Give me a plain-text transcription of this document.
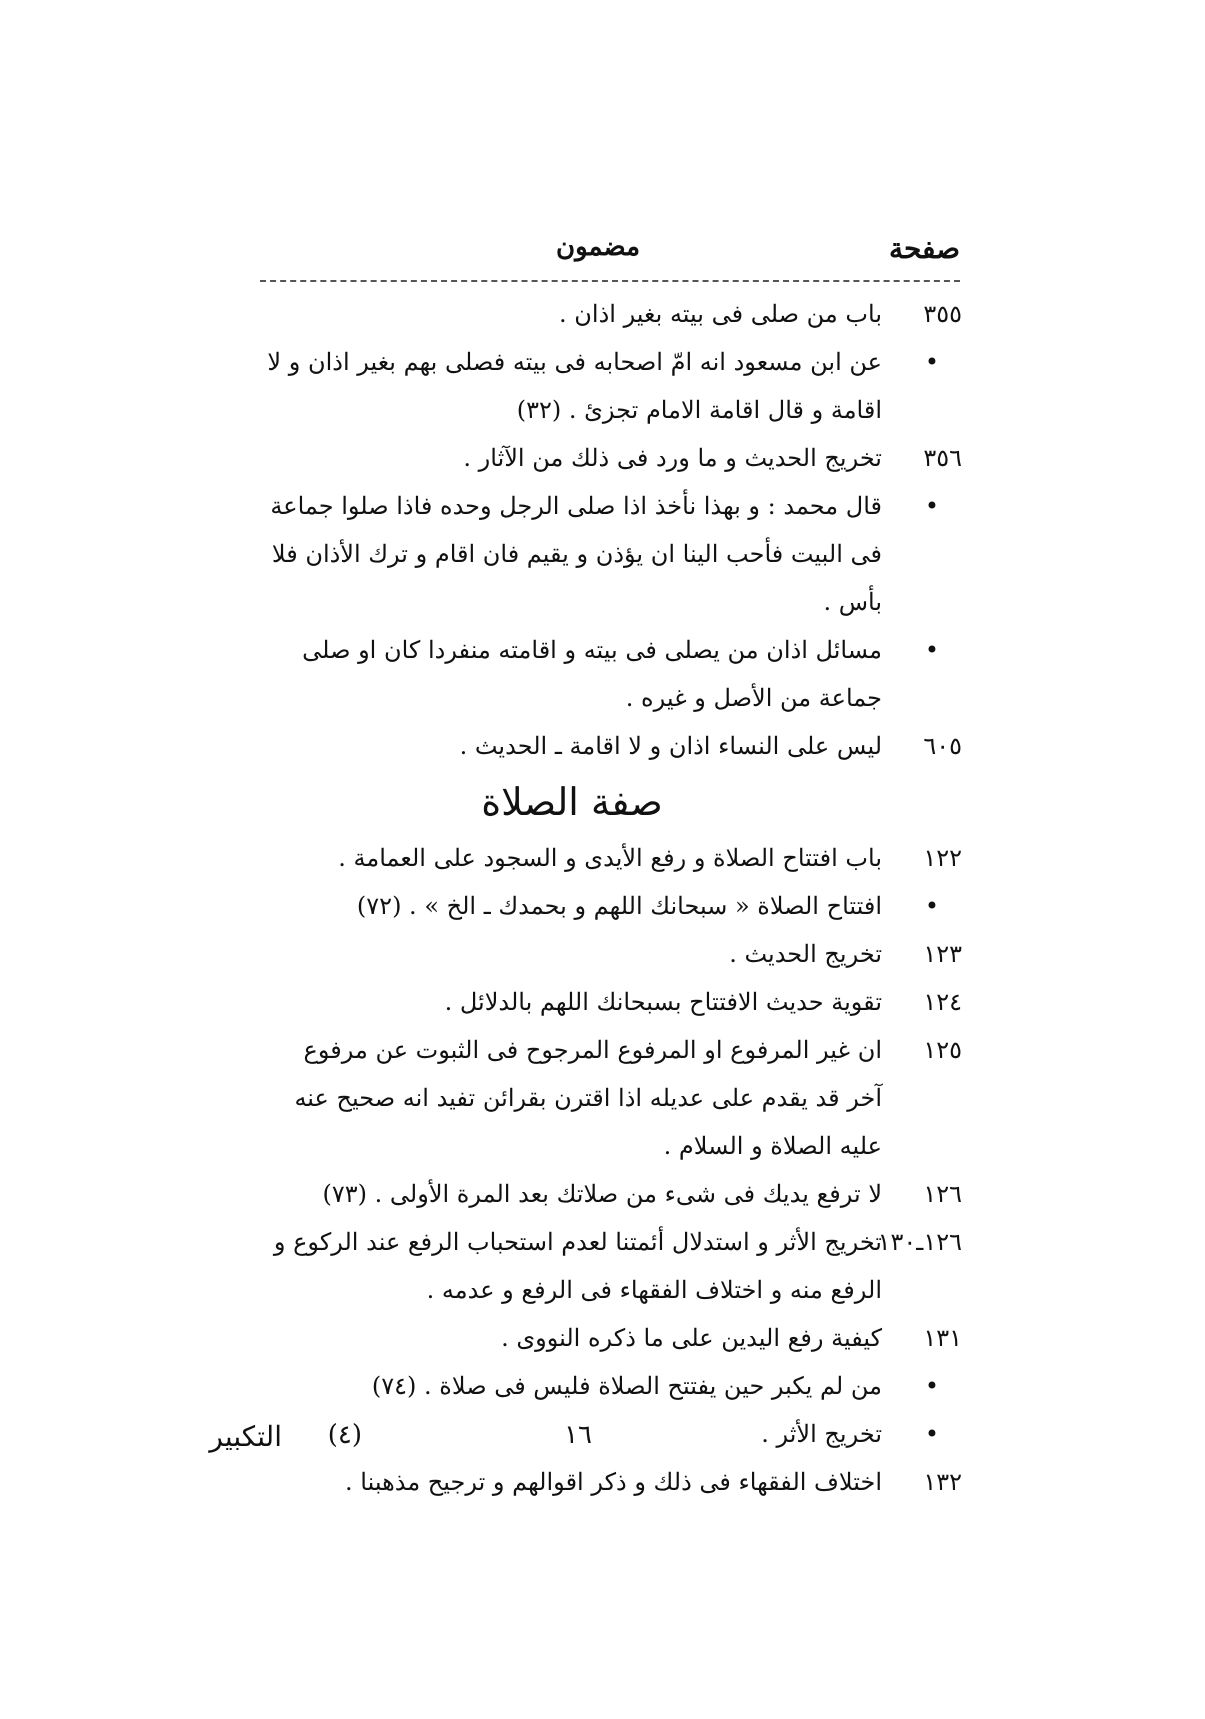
صفحة
مضمون
٣٥٥
باب من صلى فى بيته بغير اذان .
•
عن ابن مسعود انه امّ اصحابه فى بيته فصلى بهم بغير اذان و لا اقامة و قال اقامة الامام تجزئ . (٣٢)
٣٥٦
تخريج الحديث و ما ورد فى ذلك من الآثار .
•
قال محمد : و بهذا نأخذ اذا صلى الرجل وحده فاذا صلوا جماعة فى البيت فأحب الينا ان يؤذن و يقيم فان اقام و ترك الأذان فلا بأس .
•
مسائل اذان من يصلى فى بيته و اقامته منفردا كان او صلى جماعة من الأصل و غيره .
٦٠٥
ليس على النساء اذان و لا اقامة ـ الحديث .
صفة الصلاة
١٢٢
باب افتتاح الصلاة و رفع الأيدى و السجود على العمامة .
•
افتتاح الصلاة « سبحانك اللهم و بحمدك ـ الخ » . (٧٢)
١٢٣
تخريج الحديث .
١٢٤
تقوية حديث الافتتاح بسبحانك اللهم بالدلائل .
١٢٥
ان غير المرفوع او المرفوع المرجوح فى الثبوت عن مرفوع آخر قد يقدم على عديله اذا اقترن بقرائن تفيد انه صحيح عنه عليه الصلاة و السلام .
١٢٦
لا ترفع يديك فى شىء من صلاتك بعد المرة الأولى . (٧٣)
١٢٦ـ١٣٠
تخريج الأثر و استدلال أئمتنا لعدم استحباب الرفع عند الركوع و الرفع منه و اختلاف الفقهاء فى الرفع و عدمه .
١٣١
كيفية رفع اليدين على ما ذكره النووى .
•
من لم يكبر حين يفتتح الصلاة فليس فى صلاة . (٧٤)
•
تخريج الأثر .
١٣٢
اختلاف الفقهاء فى ذلك و ذكر اقوالهم و ترجيح مذهبنا .
١٦
(٤)
التكبير
